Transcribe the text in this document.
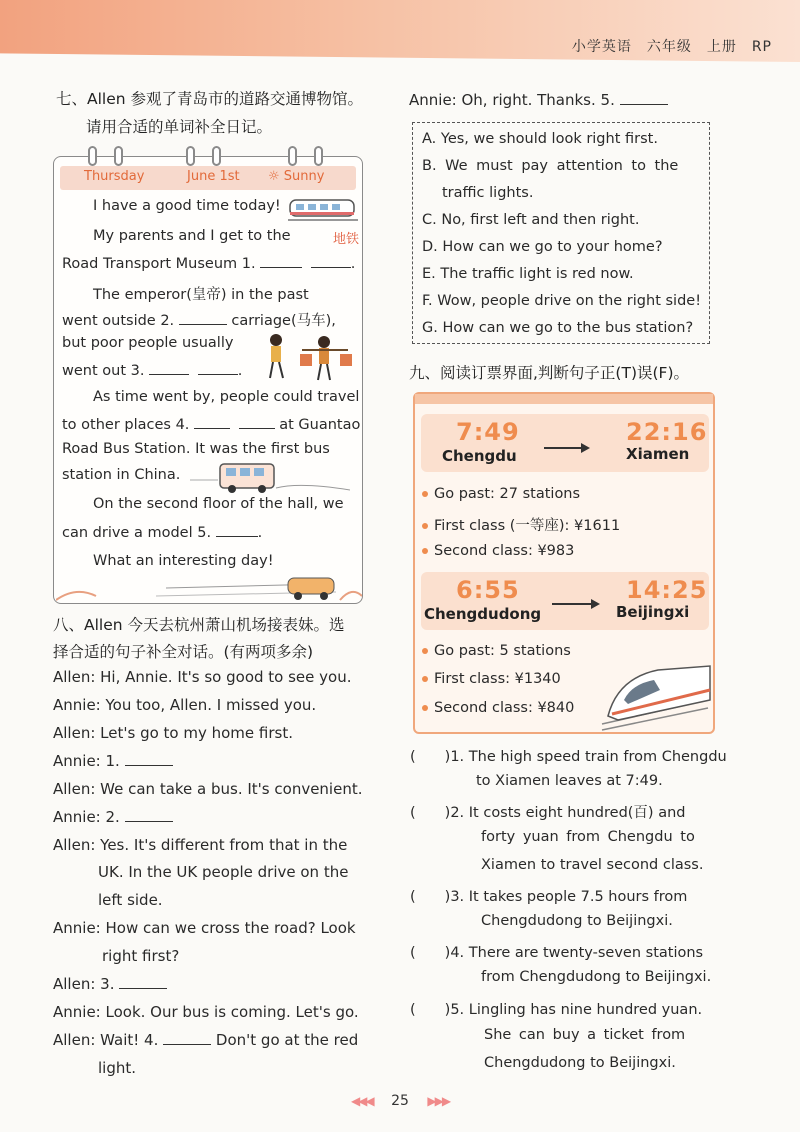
小学英语　六年级　上册　RP
七、Allen 参观了青岛市的道路交通博物馆。
请用合适的单词补全日记。
Thursday	June 1st ☼ Sunny
地铁
I have a good time today!
My parents and I get to the
Road Transport Museum 1.	.
The emperor(皇帝) in the past
went outside 2.	carriage(马车),
but poor people usually
went out 3.	.
As time went by, people could travel
to other places 4.	at Guantao
Road Bus Station. It was the first bus
station in China.
On the second floor of the hall, we
can drive a model 5.	.
What an interesting day!
八、Allen 今天去杭州萧山机场接表妹。选
择合适的句子补全对话。(有两项多余)
Allen: Hi, Annie. It's so good to see you.
Annie: You too, Allen. I missed you.
Allen: Let's go to my home first.
Annie: 1.
Allen: We can take a bus. It's convenient.
Annie: 2.
Allen: Yes. It's different from that in the
UK. In the UK people drive on the
left side.
Annie: How can we cross the road? Look
right first?
Allen: 3.
Annie: Look. Our bus is coming. Let's go.
Allen: Wait! 4.	Don't go at the red
light.
Annie: Oh, right. Thanks. 5.
A. Yes, we should look right first.
B. We must pay attention to the
traffic lights.
C. No, first left and then right.
D. How can we go to your home?
E. The traffic light is red now.
F. Wow, people drive on the right side!
G. How can we go to the bus station?
九、阅读订票界面,判断句子正(T)误(F)。
7:49	22:16
Chengdu	Xiamen
Go past: 27 stations
First class (一等座): ¥1611
Second class: ¥983
6:55	14:25
Chengdudong	Beijingxi
Go past: 5 stations
First class: ¥1340
Second class: ¥840
(　　)1. The high speed train from Chengdu
to Xiamen leaves at 7:49.
(　　)2. It costs eight hundred(百) and
forty yuan from Chengdu to
Xiamen to travel second class.
(　　)3. It takes people 7.5 hours from
Chengdudong to Beijingxi.
(　　)4. There are twenty-seven stations
from Chengdudong to Beijingxi.
(　　)5. Lingling has nine hundred yuan.
She can buy a ticket from
Chengdudong to Beijingxi.
◀◀◀ 25 ▶▶▶
